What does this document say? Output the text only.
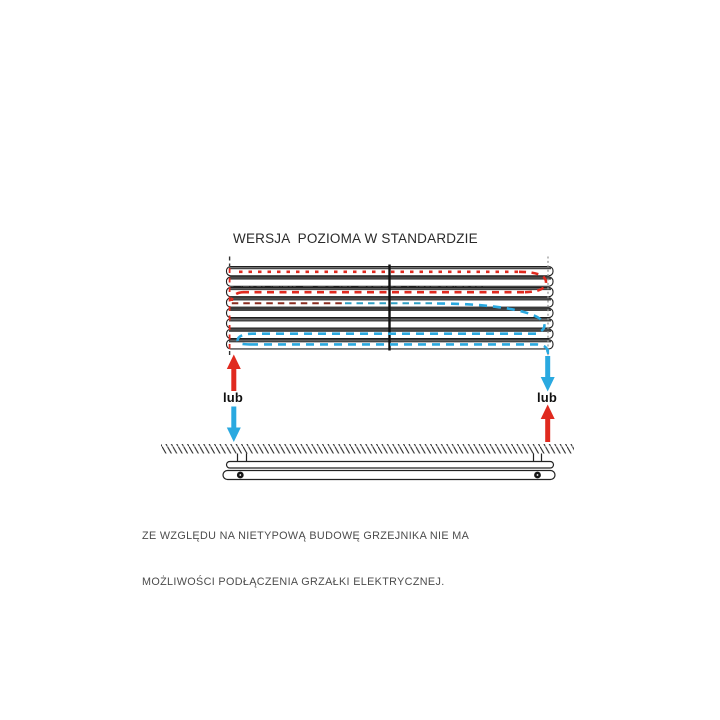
WERSJA  POZIOMA W STANDARDZIE

lub	lub

ZE WZGLĘDU NA NIETYPOWĄ BUDOWĘ GRZEJNIKA NIE MA

MOŻLIWOŚCI PODŁĄCZENIA GRZAŁKI ELEKTRYCZNEJ.
